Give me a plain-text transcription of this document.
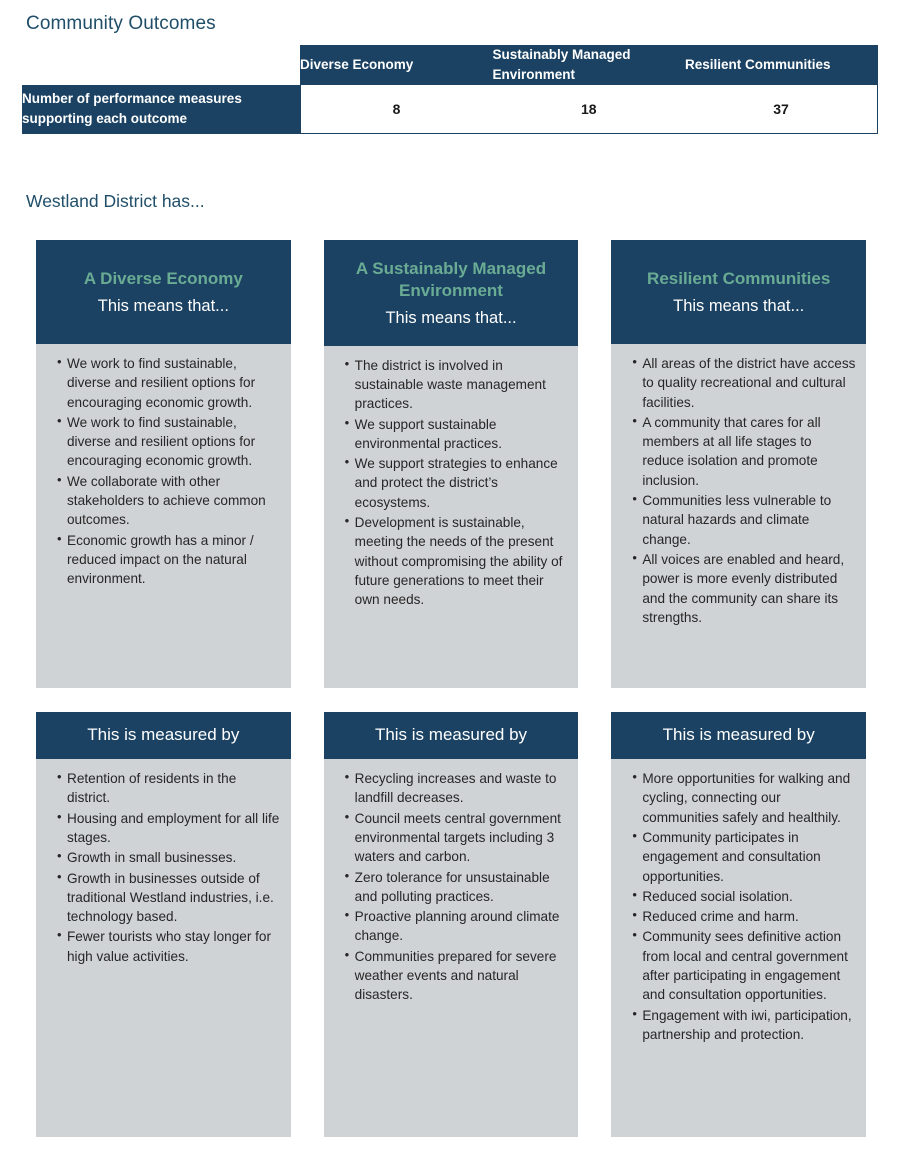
Community Outcomes
	Diverse Economy	Sustainably Managed Environment	Resilient Communities
Number of performance measures supporting each outcome	8	18	37
Westland District has...
A Diverse Economy
This means that...
• We work to find sustainable, diverse and resilient options for encouraging economic growth.
• We work to find sustainable, diverse and resilient options for encouraging economic growth.
• We collaborate with other stakeholders to achieve common outcomes.
• Economic growth has a minor / reduced impact on the natural environment.
A Sustainably Managed Environment
This means that...
• The district is involved in sustainable waste management practices.
• We support sustainable environmental practices.
• We support strategies to enhance and protect the district’s ecosystems.
• Development is sustainable, meeting the needs of the present without compromising the ability of future generations to meet their own needs.
Resilient Communities
This means that...
• All areas of the district have access to quality recreational and cultural facilities.
• A community that cares for all members at all life stages to reduce isolation and promote inclusion.
• Communities less vulnerable to natural hazards and climate change.
• All voices are enabled and heard, power is more evenly distributed and the community can share its strengths.
This is measured by
• Retention of residents in the district.
• Housing and employment for all life stages.
• Growth in small businesses.
• Growth in businesses outside of traditional Westland industries, i.e. technology based.
• Fewer tourists who stay longer for high value activities.
This is measured by
• Recycling increases and waste to landfill decreases.
• Council meets central government environmental targets including 3 waters and carbon.
• Zero tolerance for unsustainable and polluting practices.
• Proactive planning around climate change.
• Communities prepared for severe weather events and natural disasters.
This is measured by
• More opportunities for walking and cycling, connecting our communities safely and healthily.
• Community participates in engagement and consultation opportunities.
• Reduced social isolation.
• Reduced crime and harm.
• Community sees definitive action from local and central government after participating in engagement and consultation opportunities.
• Engagement with iwi, participation, partnership and protection.
